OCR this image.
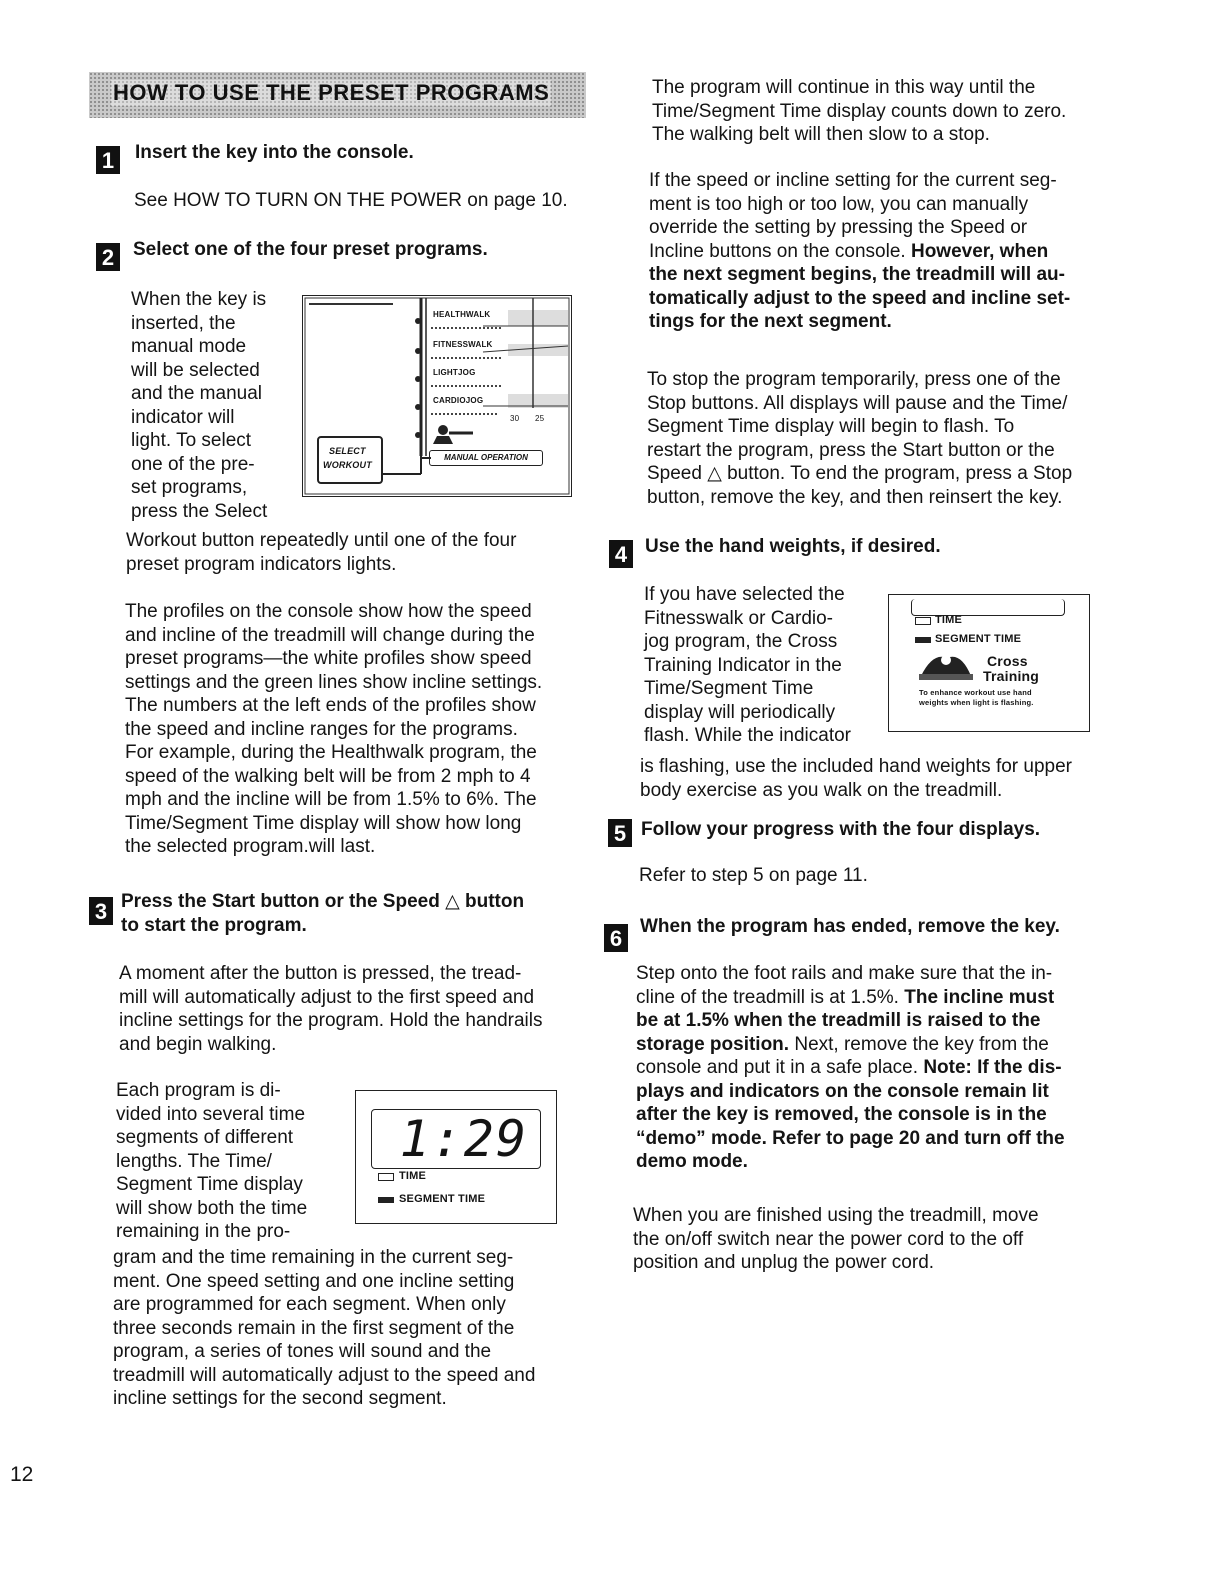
HOW TO USE THE PRESET PROGRAMS
1	Insert the key into the console.

See HOW TO TURN ON THE POWER on page 10.

2 Select one of the four preset programs.

When the key is

inserted, the

manual mode

will be selected

and the manual

indicator will

light. To select

one of the pre-

set programs,

press the Select

Workout button repeatedly until one of the four

preset program indicators lights.

HEALTHWALK
FITNESSWALK
LIGHTJOG
CARDIOJOG
30 25
SELECT
WORKOUT
MANUAL OPERATION

The profiles on the console show how the speed

and incline of the treadmill will change during the

preset programs—the white profiles show speed

settings and the green lines show incline settings.

The numbers at the left ends of the profiles show

the speed and incline ranges for the programs.

For example, during the Healthwalk program, the

speed of the walking belt will be from 2 mph to 4

mph and the incline will be from 1.5% to 6%. The

Time/Segment Time display will show how long

the selected program.will last.

3 Press the Start button or the Speed △ button

to start the program.

A moment after the button is pressed, the tread-

mill will automatically adjust to the first speed and

incline settings for the program. Hold the handrails

and begin walking.

Each program is di-

vided into several time

segments of different

lengths. The Time/

Segment Time display

will show both the time

remaining in the pro-

1:29
TIME
SEGMENT TIME

gram and the time remaining in the current seg-

ment. One speed setting and one incline setting

are programmed for each segment. When only

three seconds remain in the first segment of the

program, a series of tones will sound and the

treadmill will automatically adjust to the speed and

incline settings for the second segment.

The program will continue in this way until the

Time/Segment Time display counts down to zero.

The walking belt will then slow to a stop.

If the speed or incline setting for the current seg-

ment is too high or too low, you can manually

override the setting by pressing the Speed or

Incline buttons on the console. However, when

the next segment begins, the treadmill will au-

tomatically adjust to the speed and incline set-

tings for the next segment.

To stop the program temporarily, press one of the

Stop buttons. All displays will pause and the Time/

Segment Time display will begin to flash. To

restart the program, press the Start button or the

Speed △ button. To end the program, press a Stop

button, remove the key, and then reinsert the key.

4 Use the hand weights, if desired.

If you have selected the

Fitnesswalk or Cardio-

jog program, the Cross

Training Indicator in the

Time/Segment Time

display will periodically

flash. While the indicator

TIME
SEGMENT TIME
Cross
Training
To enhance workout use hand
weights when light is flashing.

is flashing, use the included hand weights for upper

body exercise as you walk on the treadmill.

5 Follow your progress with the four displays.

Refer to step 5 on page 11.

6 When the program has ended, remove the key.

Step onto the foot rails and make sure that the in-

cline of the treadmill is at 1.5%. The incline must

be at 1.5% when the treadmill is raised to the

storage position. Next, remove the key from the

console and put it in a safe place. Note: If the dis-

plays and indicators on the console remain lit

after the key is removed, the console is in the

“demo” mode. Refer to page 20 and turn off the

demo mode.

When you are finished using the treadmill, move

the on/off switch near the power cord to the off

position and unplug the power cord.

12
